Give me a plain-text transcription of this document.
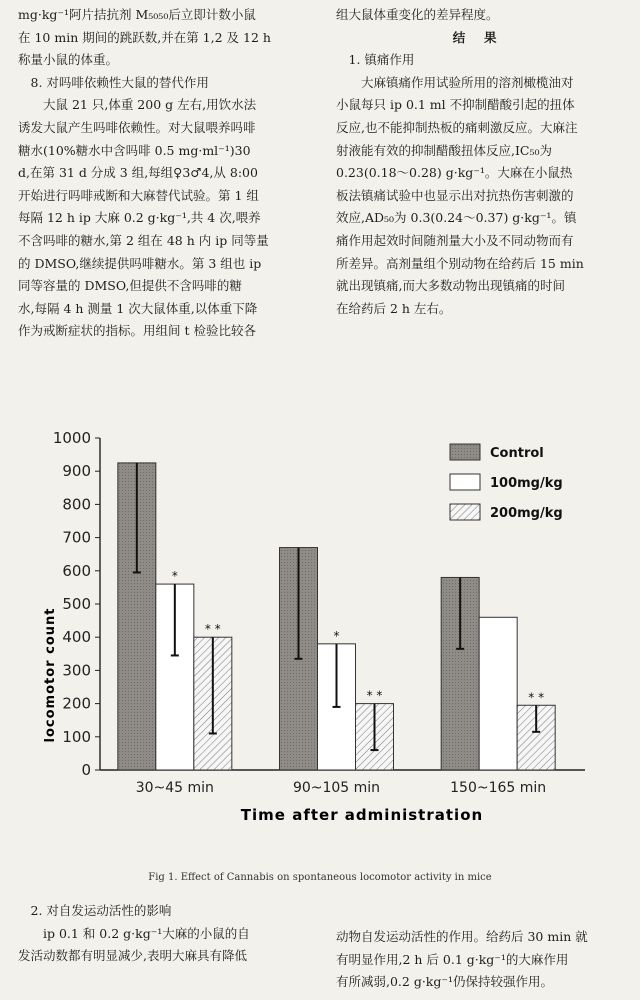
mg·kg⁻¹阿片拮抗剂 M₅₀₅₀后立即计数小鼠

在 10 min 期间的跳跃数,并在第 1,2 及 12 h

称量小鼠的体重。

8. 对吗啡依赖性大鼠的替代作用

大鼠 21 只,体重 200 g 左右,用饮水法

诱发大鼠产生吗啡依赖性。对大鼠喂养吗啡

糖水(10%糖水中含吗啡 0.5 mg·ml⁻¹)30

d,在第 31 d 分成 3 组,每组♀3♂4,从 8:00

开始进行吗啡戒断和大麻替代试验。第 1 组

每隔 12 h ip 大麻 0.2 g·kg⁻¹,共 4 次,喂养

不含吗啡的糖水,第 2 组在 48 h 内 ip 同等量

的 DMSO,继续提供吗啡糖水。第 3 组也 ip

同等容量的 DMSO,但提供不含吗啡的糖

水,每隔 4 h 测量 1 次大鼠体重,以体重下降

作为戒断症状的指标。用组间 t 检验比较各

组大鼠体重变化的差异程度。

结果

1. 镇痛作用

大麻镇痛作用试验所用的溶剂橄榄油对

小鼠每只 ip 0.1 ml 不抑制醋酸引起的扭体

反应,也不能抑制热板的痛刺激反应。大麻注

射液能有效的抑制醋酸扭体反应,IC₅₀为

0.23(0.18～0.28) g·kg⁻¹。大麻在小鼠热

板法镇痛试验中也显示出对抗热伤害刺激的

效应,AD₅₀为 0.3(0.24～0.37) g·kg⁻¹。镇

痛作用起效时间随剂量大小及不同动物而有

所差异。高剂量组个别动物在给药后 15 min

就出现镇痛,而大多数动物出现镇痛的时间

在给药后 2 h 左右。

0
100
200
300
400
500
600
700
800
900
1000
30~45 min	90~105 min	150~165 min
*
* *	*
* *	* *
Control
100mg/kg
200mg/kg
locomotor count
Time after administration
Fig 1. Effect of Cannabis on spontaneous locomotor activity in mice

2. 对自发运动活性的影响

ip 0.1 和 0.2 g·kg⁻¹大麻的小鼠的自

发活动数都有明显减少,表明大麻具有降低

动物自发运动活性的作用。给药后 30 min 就

有明显作用,2 h 后 0.1 g·kg⁻¹的大麻作用

有所减弱,0.2 g·kg⁻¹仍保持较强作用。
